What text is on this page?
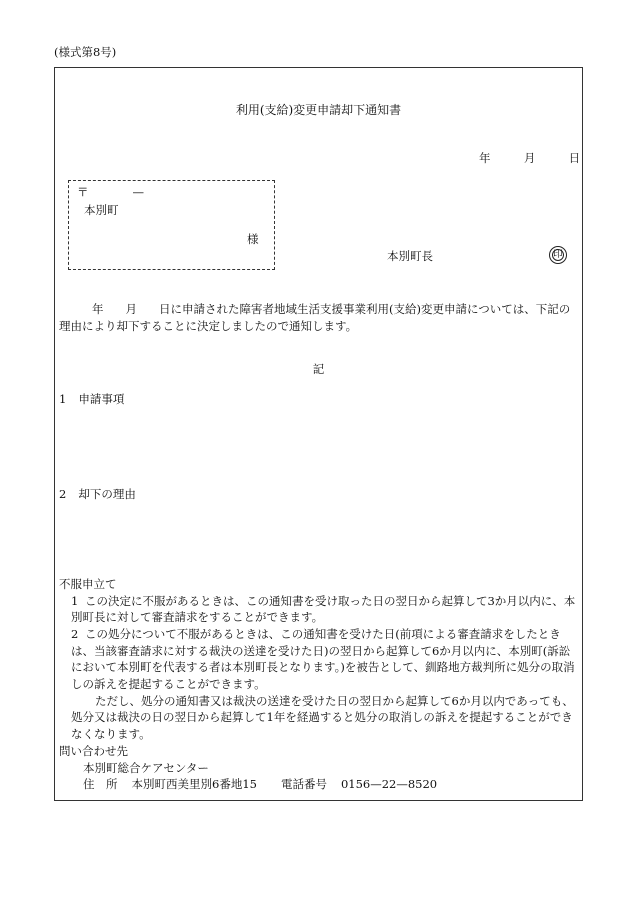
(様式第8号)
利用(支給)変更申請却下通知書
年	月	日
〒	—
本別町
様
本別町長	印
年 月 日に申請された障害者地域生活支援事業利用(支給)変更申請については、下記の理由により却下することに決定しましたので通知します。
記
1 申請事項
2 却下の理由
不服申立て
1 この決定に不服があるときは、この通知書を受け取った日の翌日から起算して3か月以内に、本別町長に対して審査請求をすることができます。
2 この処分について不服があるときは、この通知書を受けた日(前項による審査請求をしたときは、当該審査請求に対する裁決の送達を受けた日)の翌日から起算して6か月以内に、本別町(訴訟において本別町を代表する者は本別町長となります。)を被告として、釧路地方裁判所に処分の取消しの訴えを提起することができます。
ただし、処分の通知書又は裁決の送達を受けた日の翌日から起算して6か月以内であっても、処分又は裁決の日の翌日から起算して1年を経過すると処分の取消しの訴えを提起することができなくなります。
問い合わせ先
本別町総合ケアセンター
住　所 本別町西美里別6番地15 電話番号 0156—22—8520
